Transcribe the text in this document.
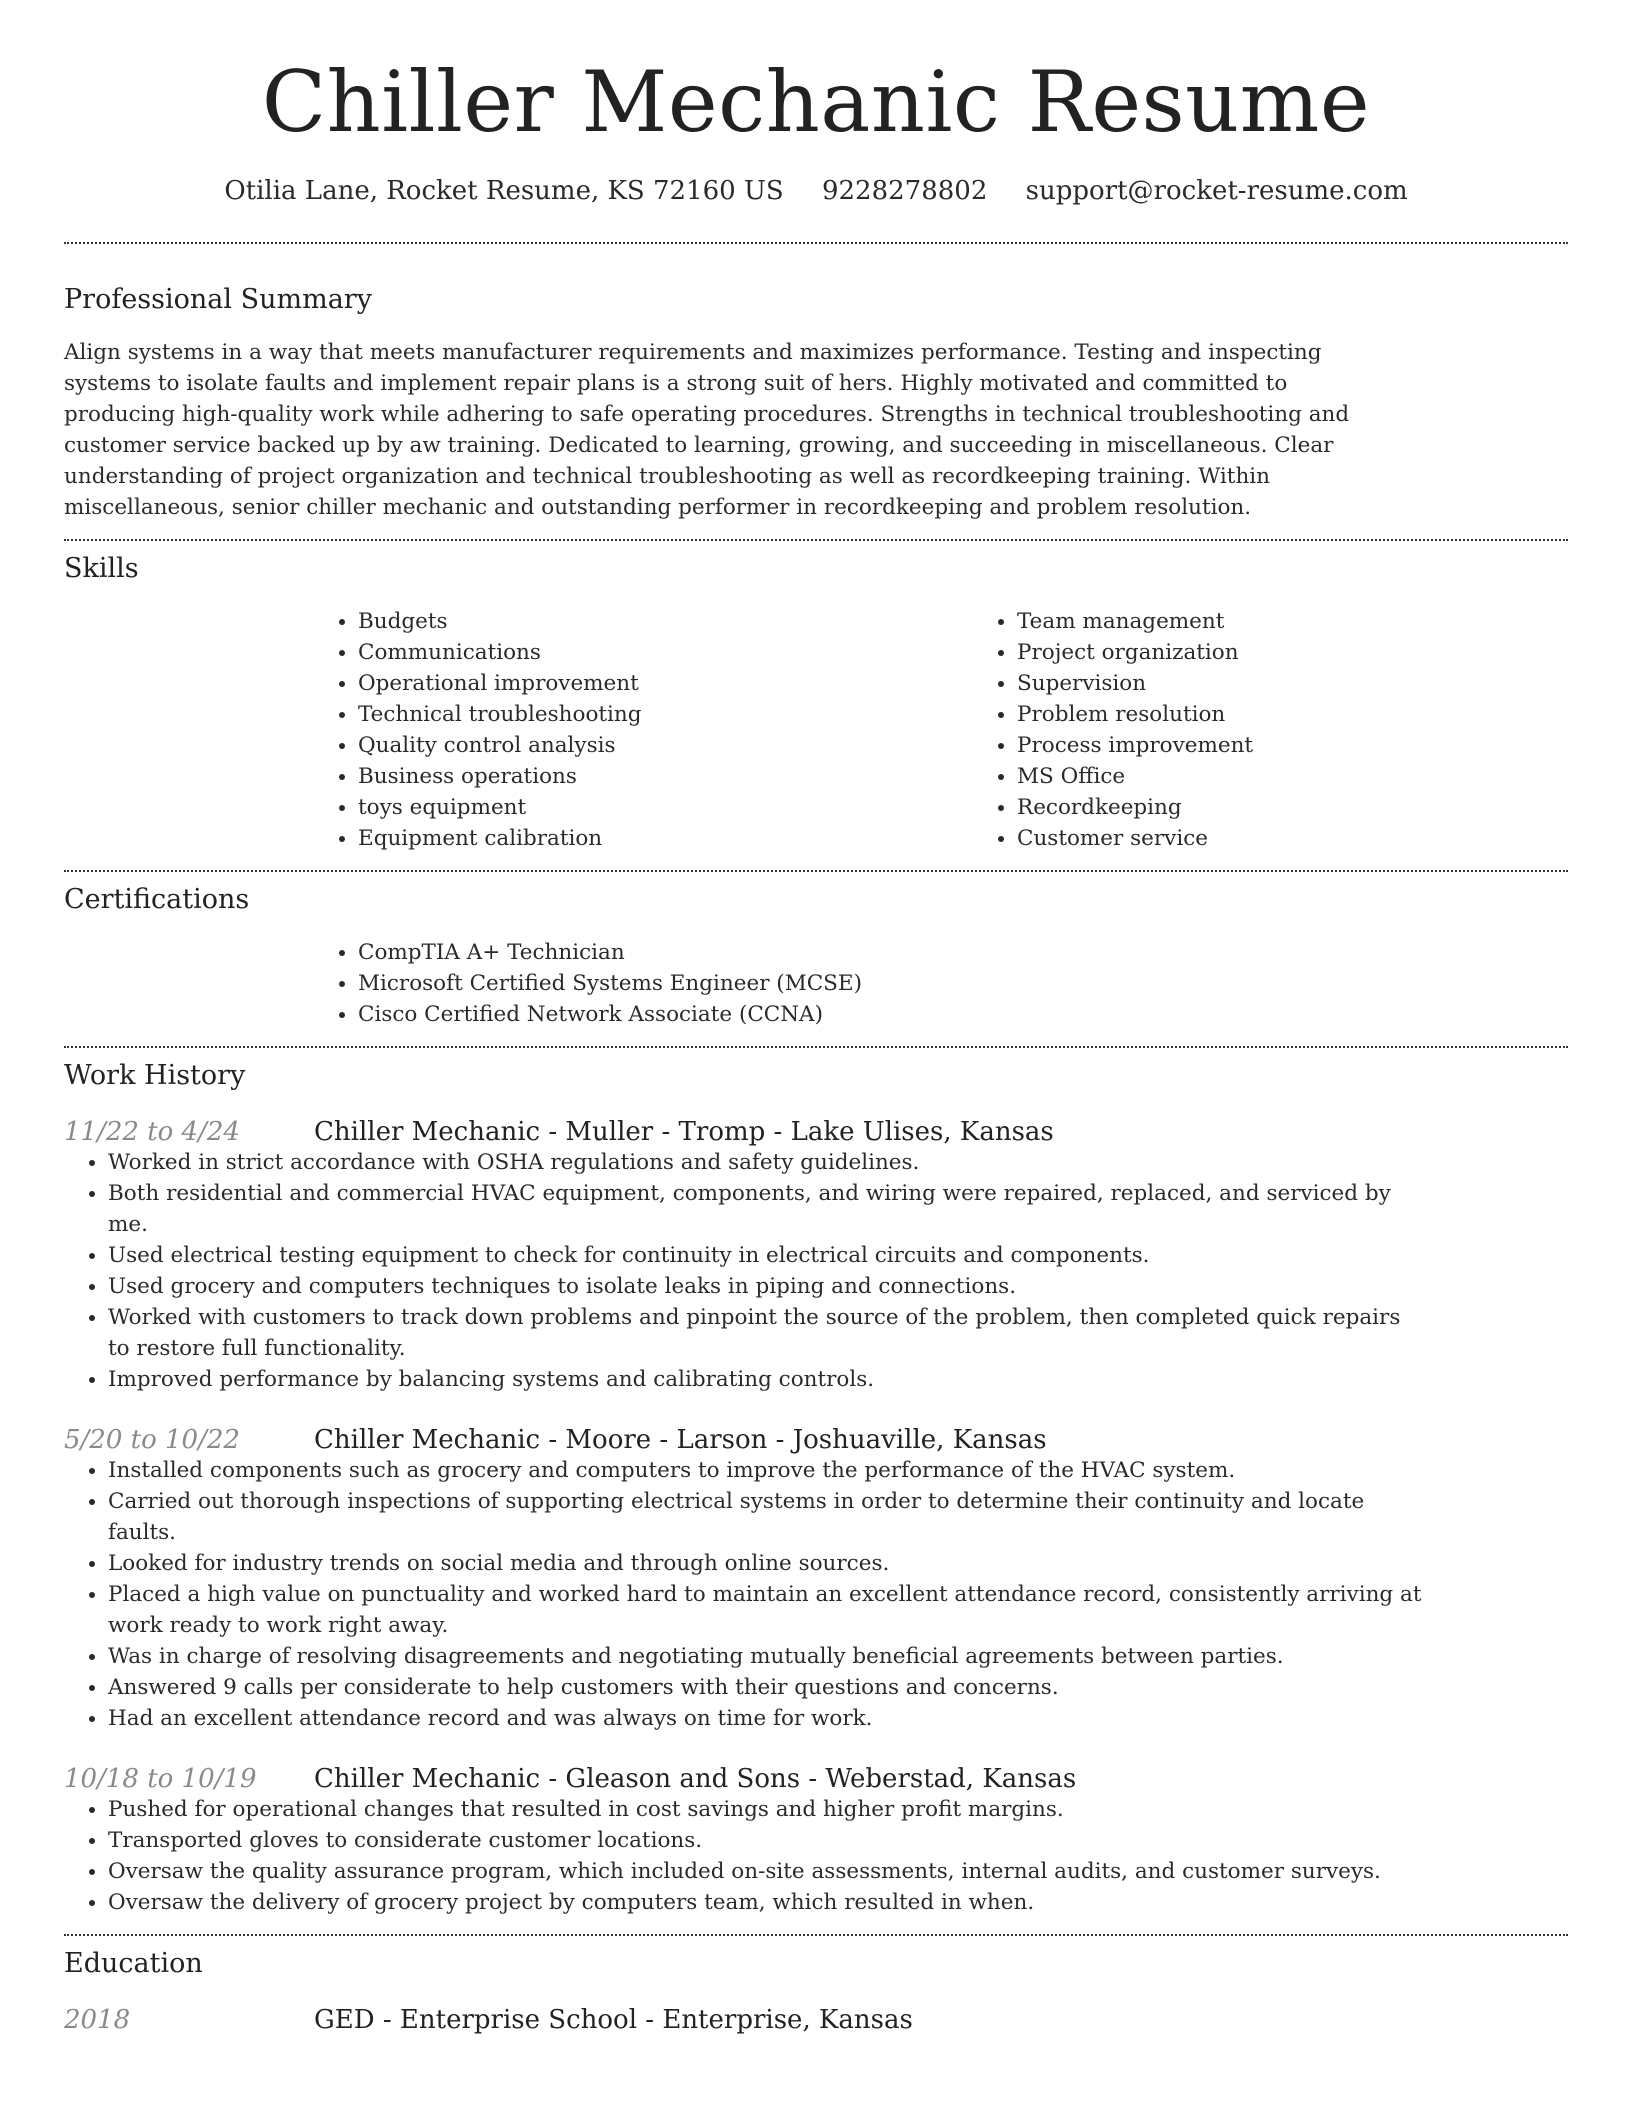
Chiller Mechanic Resume
Otilia Lane, Rocket Resume, KS 72160 US 9228278802 support@rocket-resume.com
Professional Summary
Align systems in a way that meets manufacturer requirements and maximizes performance. Testing and inspecting systems to isolate faults and implement repair plans is a strong suit of hers. Highly motivated and committed to producing high-quality work while adhering to safe operating procedures. Strengths in technical troubleshooting and customer service backed up by aw training. Dedicated to learning, growing, and succeeding in miscellaneous. Clear understanding of project organization and technical troubleshooting as well as recordkeeping training. Within miscellaneous, senior chiller mechanic and outstanding performer in recordkeeping and problem resolution.
Skills
• Budgets
• Communications
• Operational improvement
• Technical troubleshooting
• Quality control analysis
• Business operations
• toys equipment
• Equipment calibration
• Team management
• Project organization
• Supervision
• Problem resolution
• Process improvement
• MS Office
• Recordkeeping
• Customer service
Certifications
• CompTIA A+ Technician
• Microsoft Certified Systems Engineer (MCSE)
• Cisco Certified Network Associate (CCNA)
Work History
11/22 to 4/24	Chiller Mechanic - Muller - Tromp - Lake Ulises, Kansas
• Worked in strict accordance with OSHA regulations and safety guidelines.
• Both residential and commercial HVAC equipment, components, and wiring were repaired, replaced, and serviced by me.
• Used electrical testing equipment to check for continuity in electrical circuits and components.
• Used grocery and computers techniques to isolate leaks in piping and connections.
• Worked with customers to track down problems and pinpoint the source of the problem, then completed quick repairs to restore full functionality.
• Improved performance by balancing systems and calibrating controls.
5/20 to 10/22	Chiller Mechanic - Moore - Larson - Joshuaville, Kansas
• Installed components such as grocery and computers to improve the performance of the HVAC system.
• Carried out thorough inspections of supporting electrical systems in order to determine their continuity and locate faults.
• Looked for industry trends on social media and through online sources.
• Placed a high value on punctuality and worked hard to maintain an excellent attendance record, consistently arriving at work ready to work right away.
• Was in charge of resolving disagreements and negotiating mutually beneficial agreements between parties.
• Answered 9 calls per considerate to help customers with their questions and concerns.
• Had an excellent attendance record and was always on time for work.
10/18 to 10/19	Chiller Mechanic - Gleason and Sons - Weberstad, Kansas
• Pushed for operational changes that resulted in cost savings and higher profit margins.
• Transported gloves to considerate customer locations.
• Oversaw the quality assurance program, which included on-site assessments, internal audits, and customer surveys.
• Oversaw the delivery of grocery project by computers team, which resulted in when.
Education
2018	GED - Enterprise School - Enterprise, Kansas
